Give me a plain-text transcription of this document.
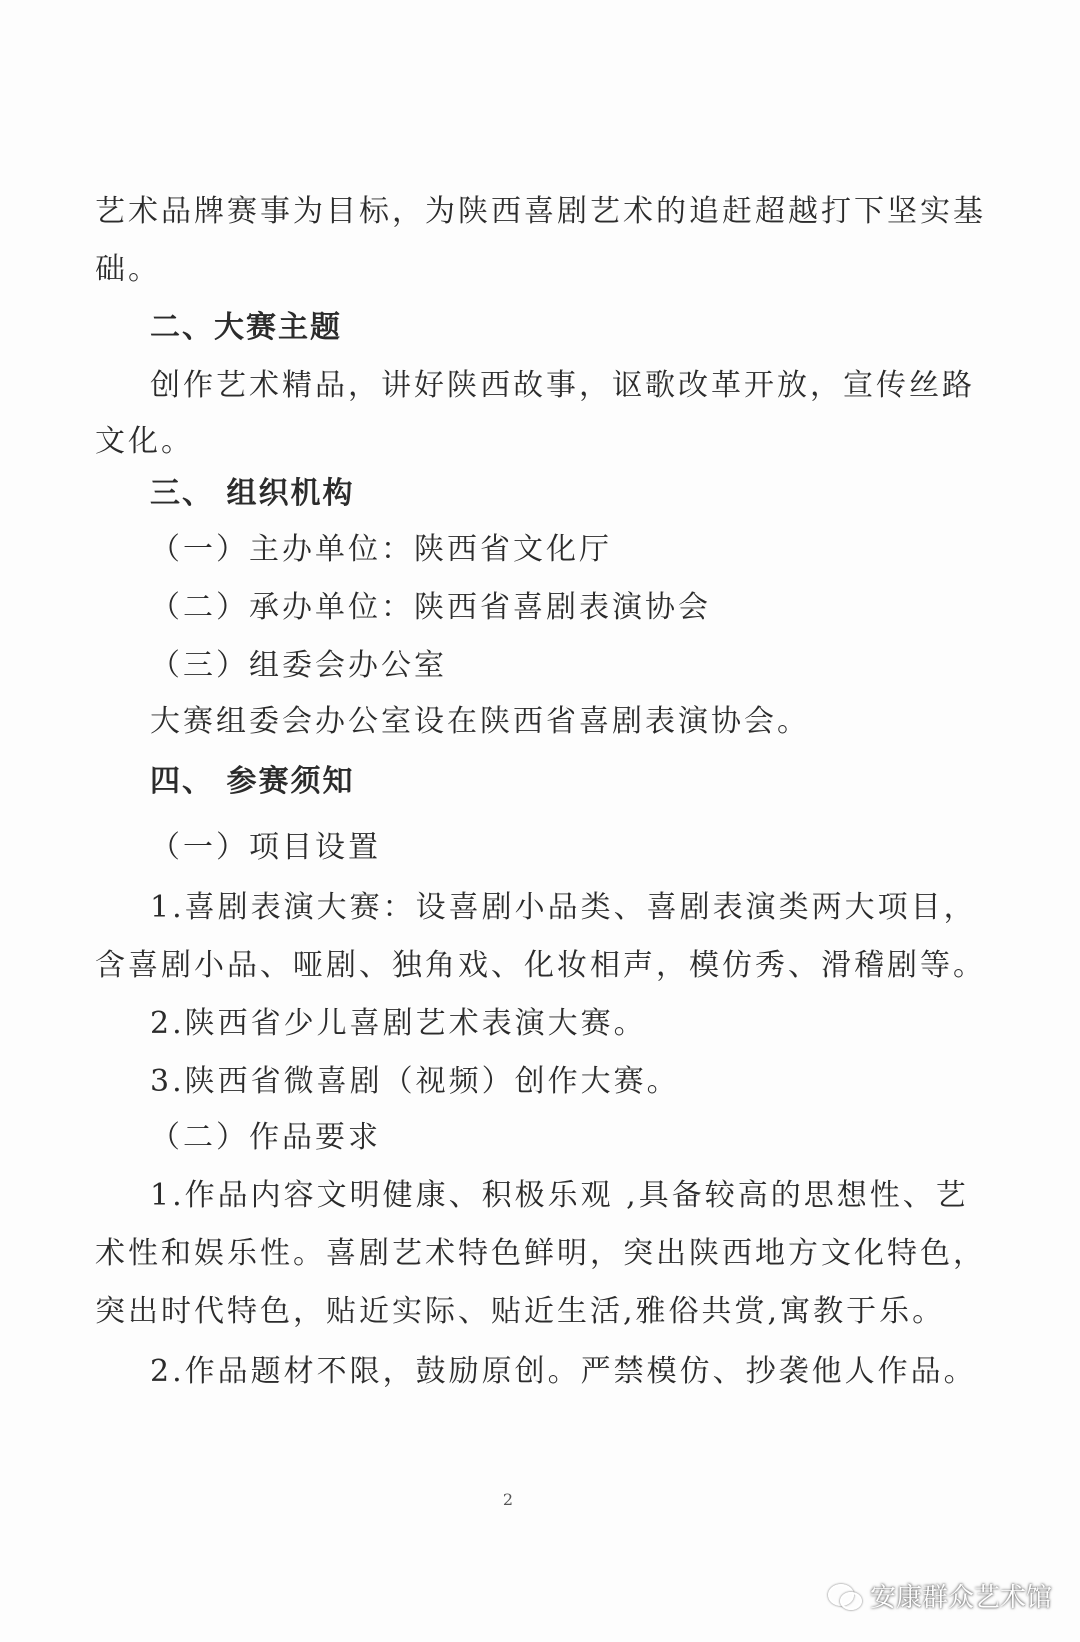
艺术品牌赛事为目标，为陕西喜剧艺术的追赶超越打下坚实基
础。
二、大赛主题
创作艺术精品，讲好陕西故事，讴歌改革开放，宣传丝路
文化。
三、 组织机构
（一）主办单位：陕西省文化厅
（二）承办单位：陕西省喜剧表演协会
（三）组委会办公室
大赛组委会办公室设在陕西省喜剧表演协会。
四、 参赛须知
（一）项目设置
1.喜剧表演大赛：设喜剧小品类、喜剧表演类两大项目，
含喜剧小品、哑剧、独角戏、化妆相声，模仿秀、滑稽剧等。
2.陕西省少儿喜剧艺术表演大赛。
3.陕西省微喜剧（视频）创作大赛。
（二）作品要求
1.作品内容文明健康、积极乐观 ,具备较高的思想性、艺
术性和娱乐性。喜剧艺术特色鲜明，突出陕西地方文化特色，
突出时代特色，贴近实际、贴近生活,雅俗共赏,寓教于乐。
2.作品题材不限，鼓励原创。严禁模仿、抄袭他人作品。
2
安康群众艺术馆
